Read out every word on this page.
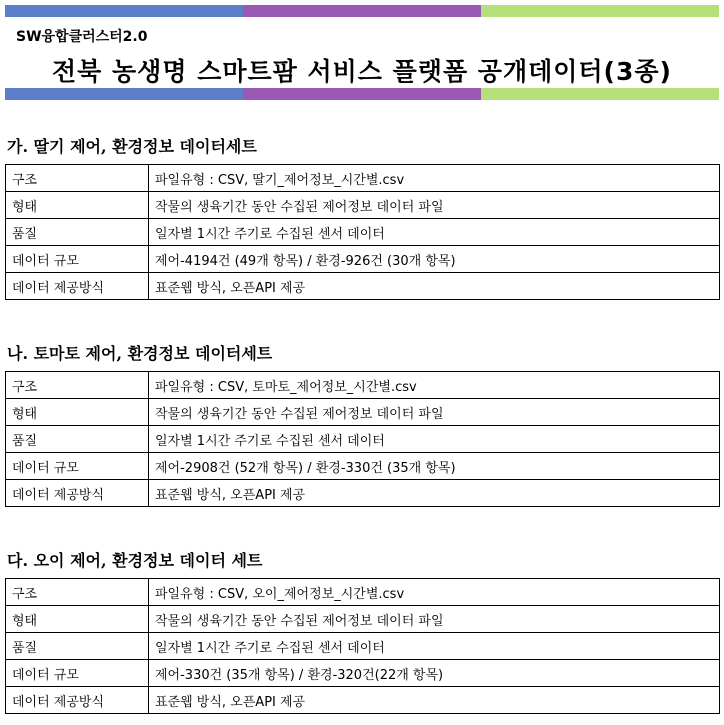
SW융합클러스터2.0
전북 농생명 스마트팜 서비스 플랫폼 공개데이터(3종)
가. 딸기 제어, 환경정보 데이터세트
구조	파일유형 : CSV, 딸기_제어정보_시간별.csv
형태	작물의 생육기간 동안 수집된 제어정보 데이터 파일
품질	일자별 1시간 주기로 수집된 센서 데이터
데이터 규모	제어-4194건 (49개 항목) / 환경-926건 (30개 항목)
데이터 제공방식	표준웹 방식, 오픈API 제공
나. 토마토 제어, 환경정보 데이터세트
구조	파일유형 : CSV, 토마토_제어정보_시간별.csv
형태	작물의 생육기간 동안 수집된 제어정보 데이터 파일
품질	일자별 1시간 주기로 수집된 센서 데이터
데이터 규모	제어-2908건 (52개 항목) / 환경-330건 (35개 항목)
데이터 제공방식	표준웹 방식, 오픈API 제공
다. 오이 제어, 환경정보 데이터 세트
구조	파일유형 : CSV, 오이_제어정보_시간별.csv
형태	작물의 생육기간 동안 수집된 제어정보 데이터 파일
품질	일자별 1시간 주기로 수집된 센서 데이터
데이터 규모	제어-330건 (35개 항목) / 환경-320건(22개 항목)
데이터 제공방식	표준웹 방식, 오픈API 제공
